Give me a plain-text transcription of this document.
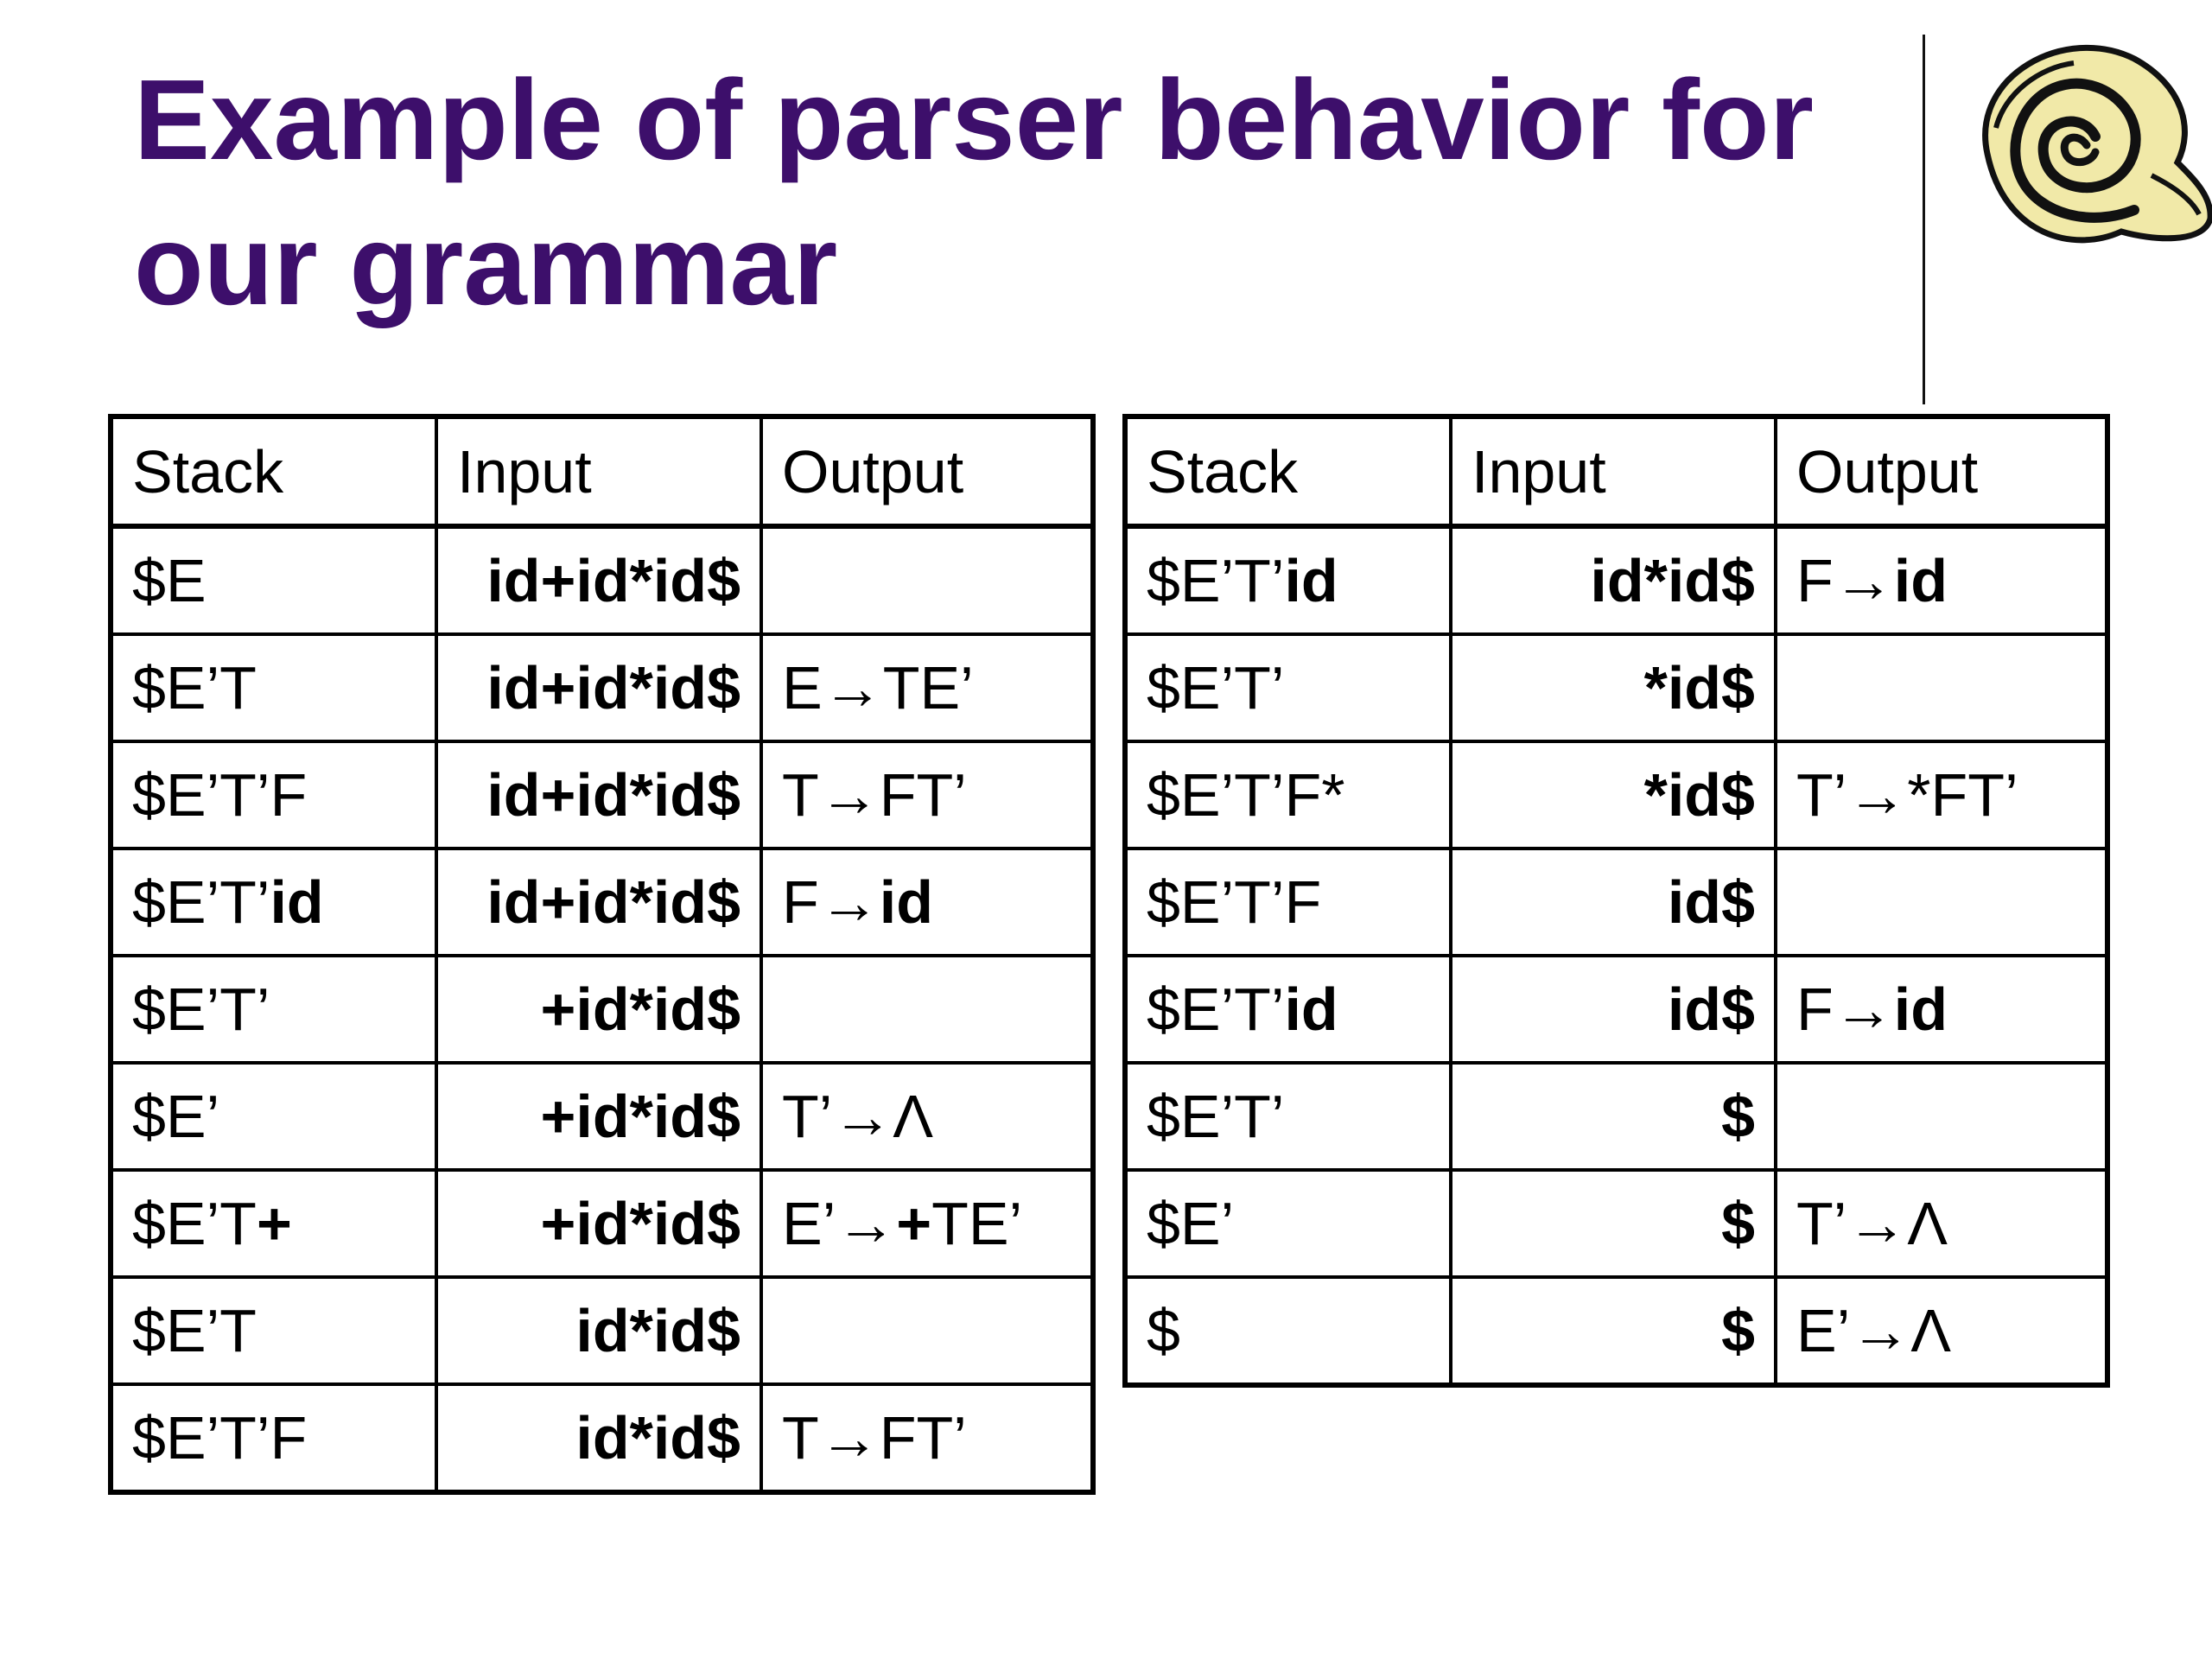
Example of parser behavior for
our grammar
Stack	Input	Output
$E	id+id*id$	
$E’T	id+id*id$	E→TE’
$E’T’F	id+id*id$	T→FT’
$E’T’id	id+id*id$	F→id
$E’T’	+id*id$	
$E’	+id*id$	T’→Λ
$E’T+	+id*id$	E’→+TE’
$E’T	id*id$	
$E’T’F	id*id$	T→FT’
Stack	Input	Output
$E’T’id	id*id$	F→id
$E’T’	*id$	
$E’T’F*	*id$	T’→*FT’
$E’T’F	id$	
$E’T’id	id$	F→id
$E’T’	$	
$E’	$	T’→Λ
$	$	E’→Λ
